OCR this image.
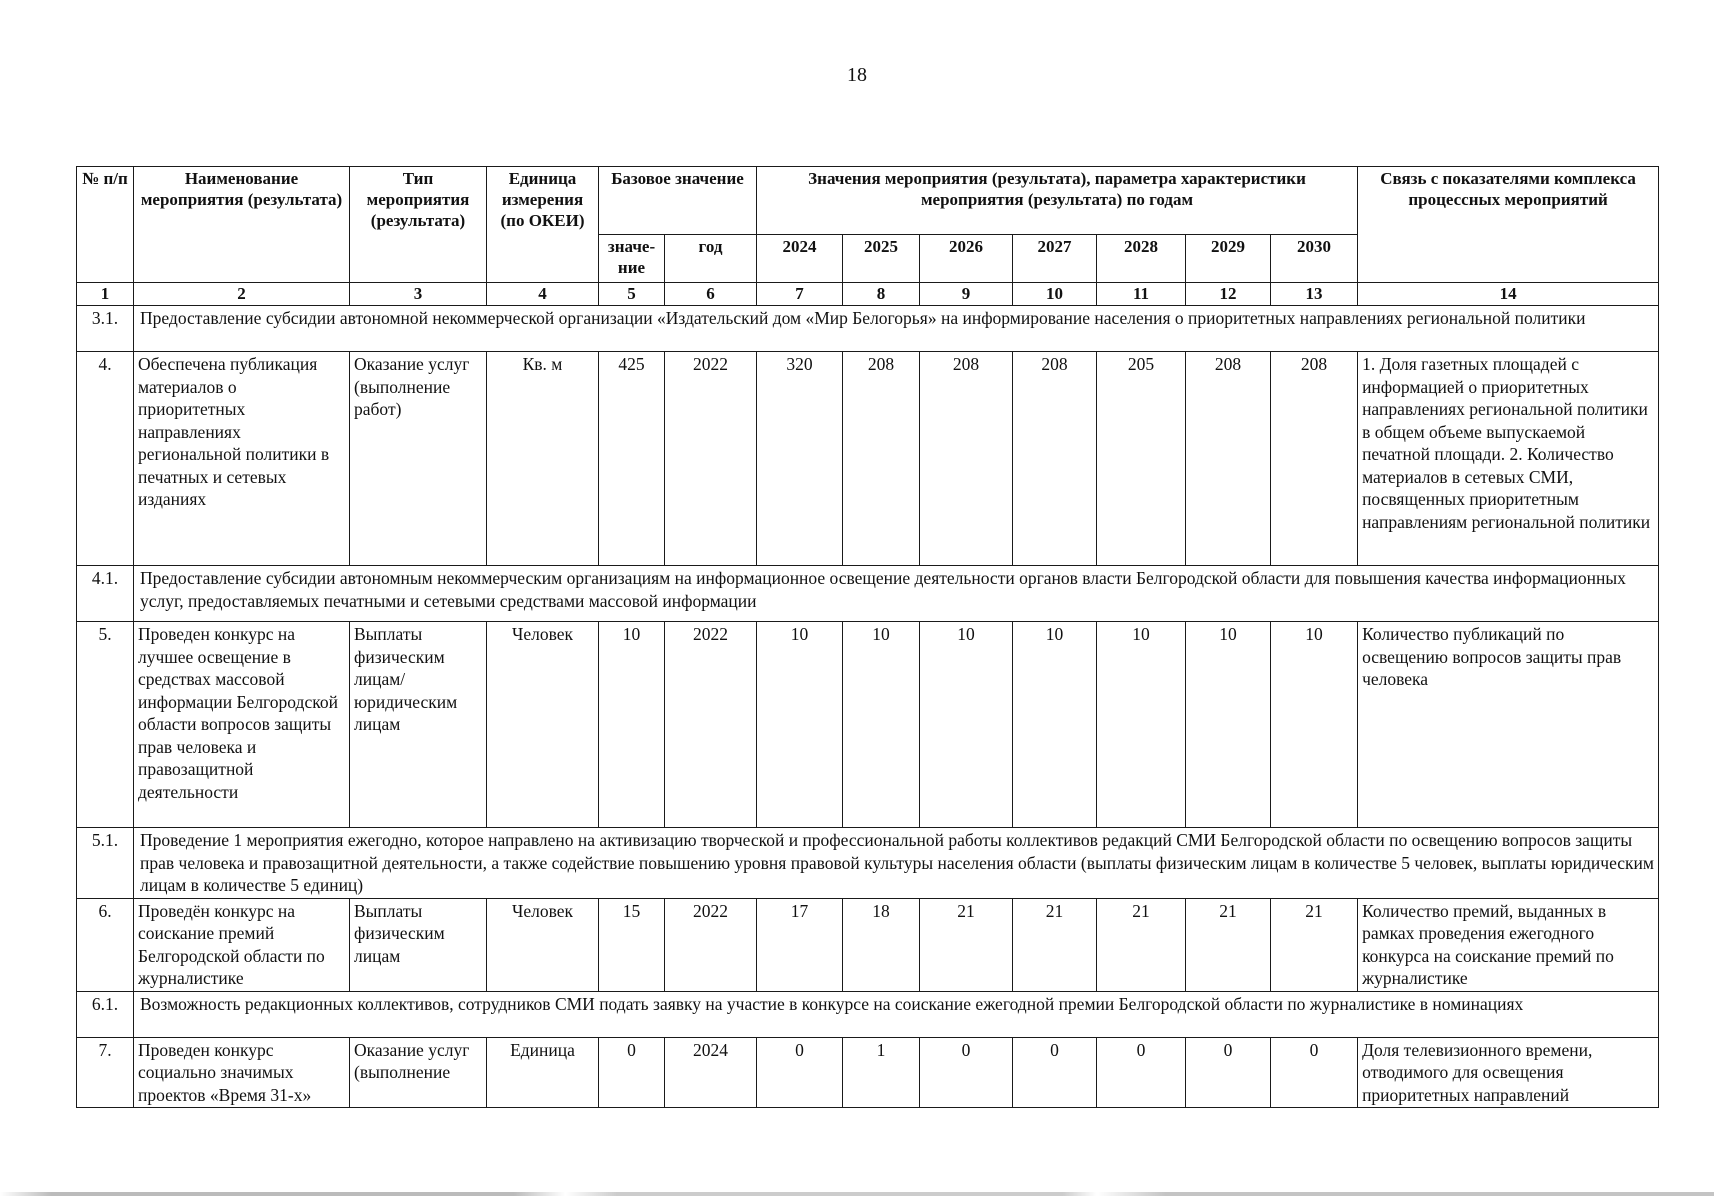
18
№ п/п	Наименование мероприятия (результата)	Тип мероприятия (результата)	Единица измерения (по ОКЕИ)	Базовое значение		Значения мероприятия (результата), параметра характеристики мероприятия (результата) по годам							Связь с показателями комплекса процессных мероприятий
				значе-ние	год	2024	2025	2026	2027	2028	2029	2030	
1	2	3	4	5	6	7	8	9	10	11	12	13	14
3.1.	Предоставление субсидии автономной некоммерческой организации «Издательский дом «Мир Белогорья» на информирование населения о приоритетных направлениях региональной политики												
4.	Обеспечена публикация материалов о приоритетных направлениях региональной политики в печатных и сетевых изданиях	Оказание услуг (выполнение работ)	Кв. м	425	2022	320	208	208	208	205	208	208	1. Доля газетных площадей с информацией о приоритетных направлениях региональной политики в общем объеме выпускаемой печатной площади. 2. Количество материалов в сетевых СМИ, посвященных приоритетным направлениям региональной политики
4.1.	Предоставление субсидии автономным некоммерческим организациям на информационное освещение деятельности органов власти Белгородской области для повышения качества информационных услуг, предоставляемых печатными и сетевыми средствами массовой информации												
5.	Проведен конкурс на лучшее освещение в средствах массовой информации Белгородской области вопросов защиты прав человека и правозащитной деятельности	Выплаты физическим лицам/ юридическим лицам	Человек	10	2022	10	10	10	10	10	10	10	Количество публикаций по освещению вопросов защиты прав человека
5.1.	Проведение 1 мероприятия ежегодно, которое направлено на активизацию творческой и профессиональной работы коллективов редакций СМИ Белгородской области по освещению вопросов защиты прав человека и правозащитной деятельности, а также содействие повышению уровня правовой культуры населения области (выплаты физическим лицам в количестве 5 человек, выплаты юридическим лицам в количестве 5 единиц)												
6.	Проведён конкурс на соискание премий Белгородской области по журналистике	Выплаты физическим лицам	Человек	15	2022	17	18	21	21	21	21	21	Количество премий, выданных в рамках проведения ежегодного конкурса на соискание премий по журналистике
6.1.	Возможность редакционных коллективов, сотрудников СМИ подать заявку на участие в конкурсе на соискание ежегодной премии Белгородской области по журналистике в номинациях												
7.	Проведен конкурс социально значимых проектов «Время 31-х»	Оказание услуг (выполнение	Единица	0	2024	0	1	0	0	0	0	0	Доля телевизионного времени, отводимого для освещения приоритетных направлений
